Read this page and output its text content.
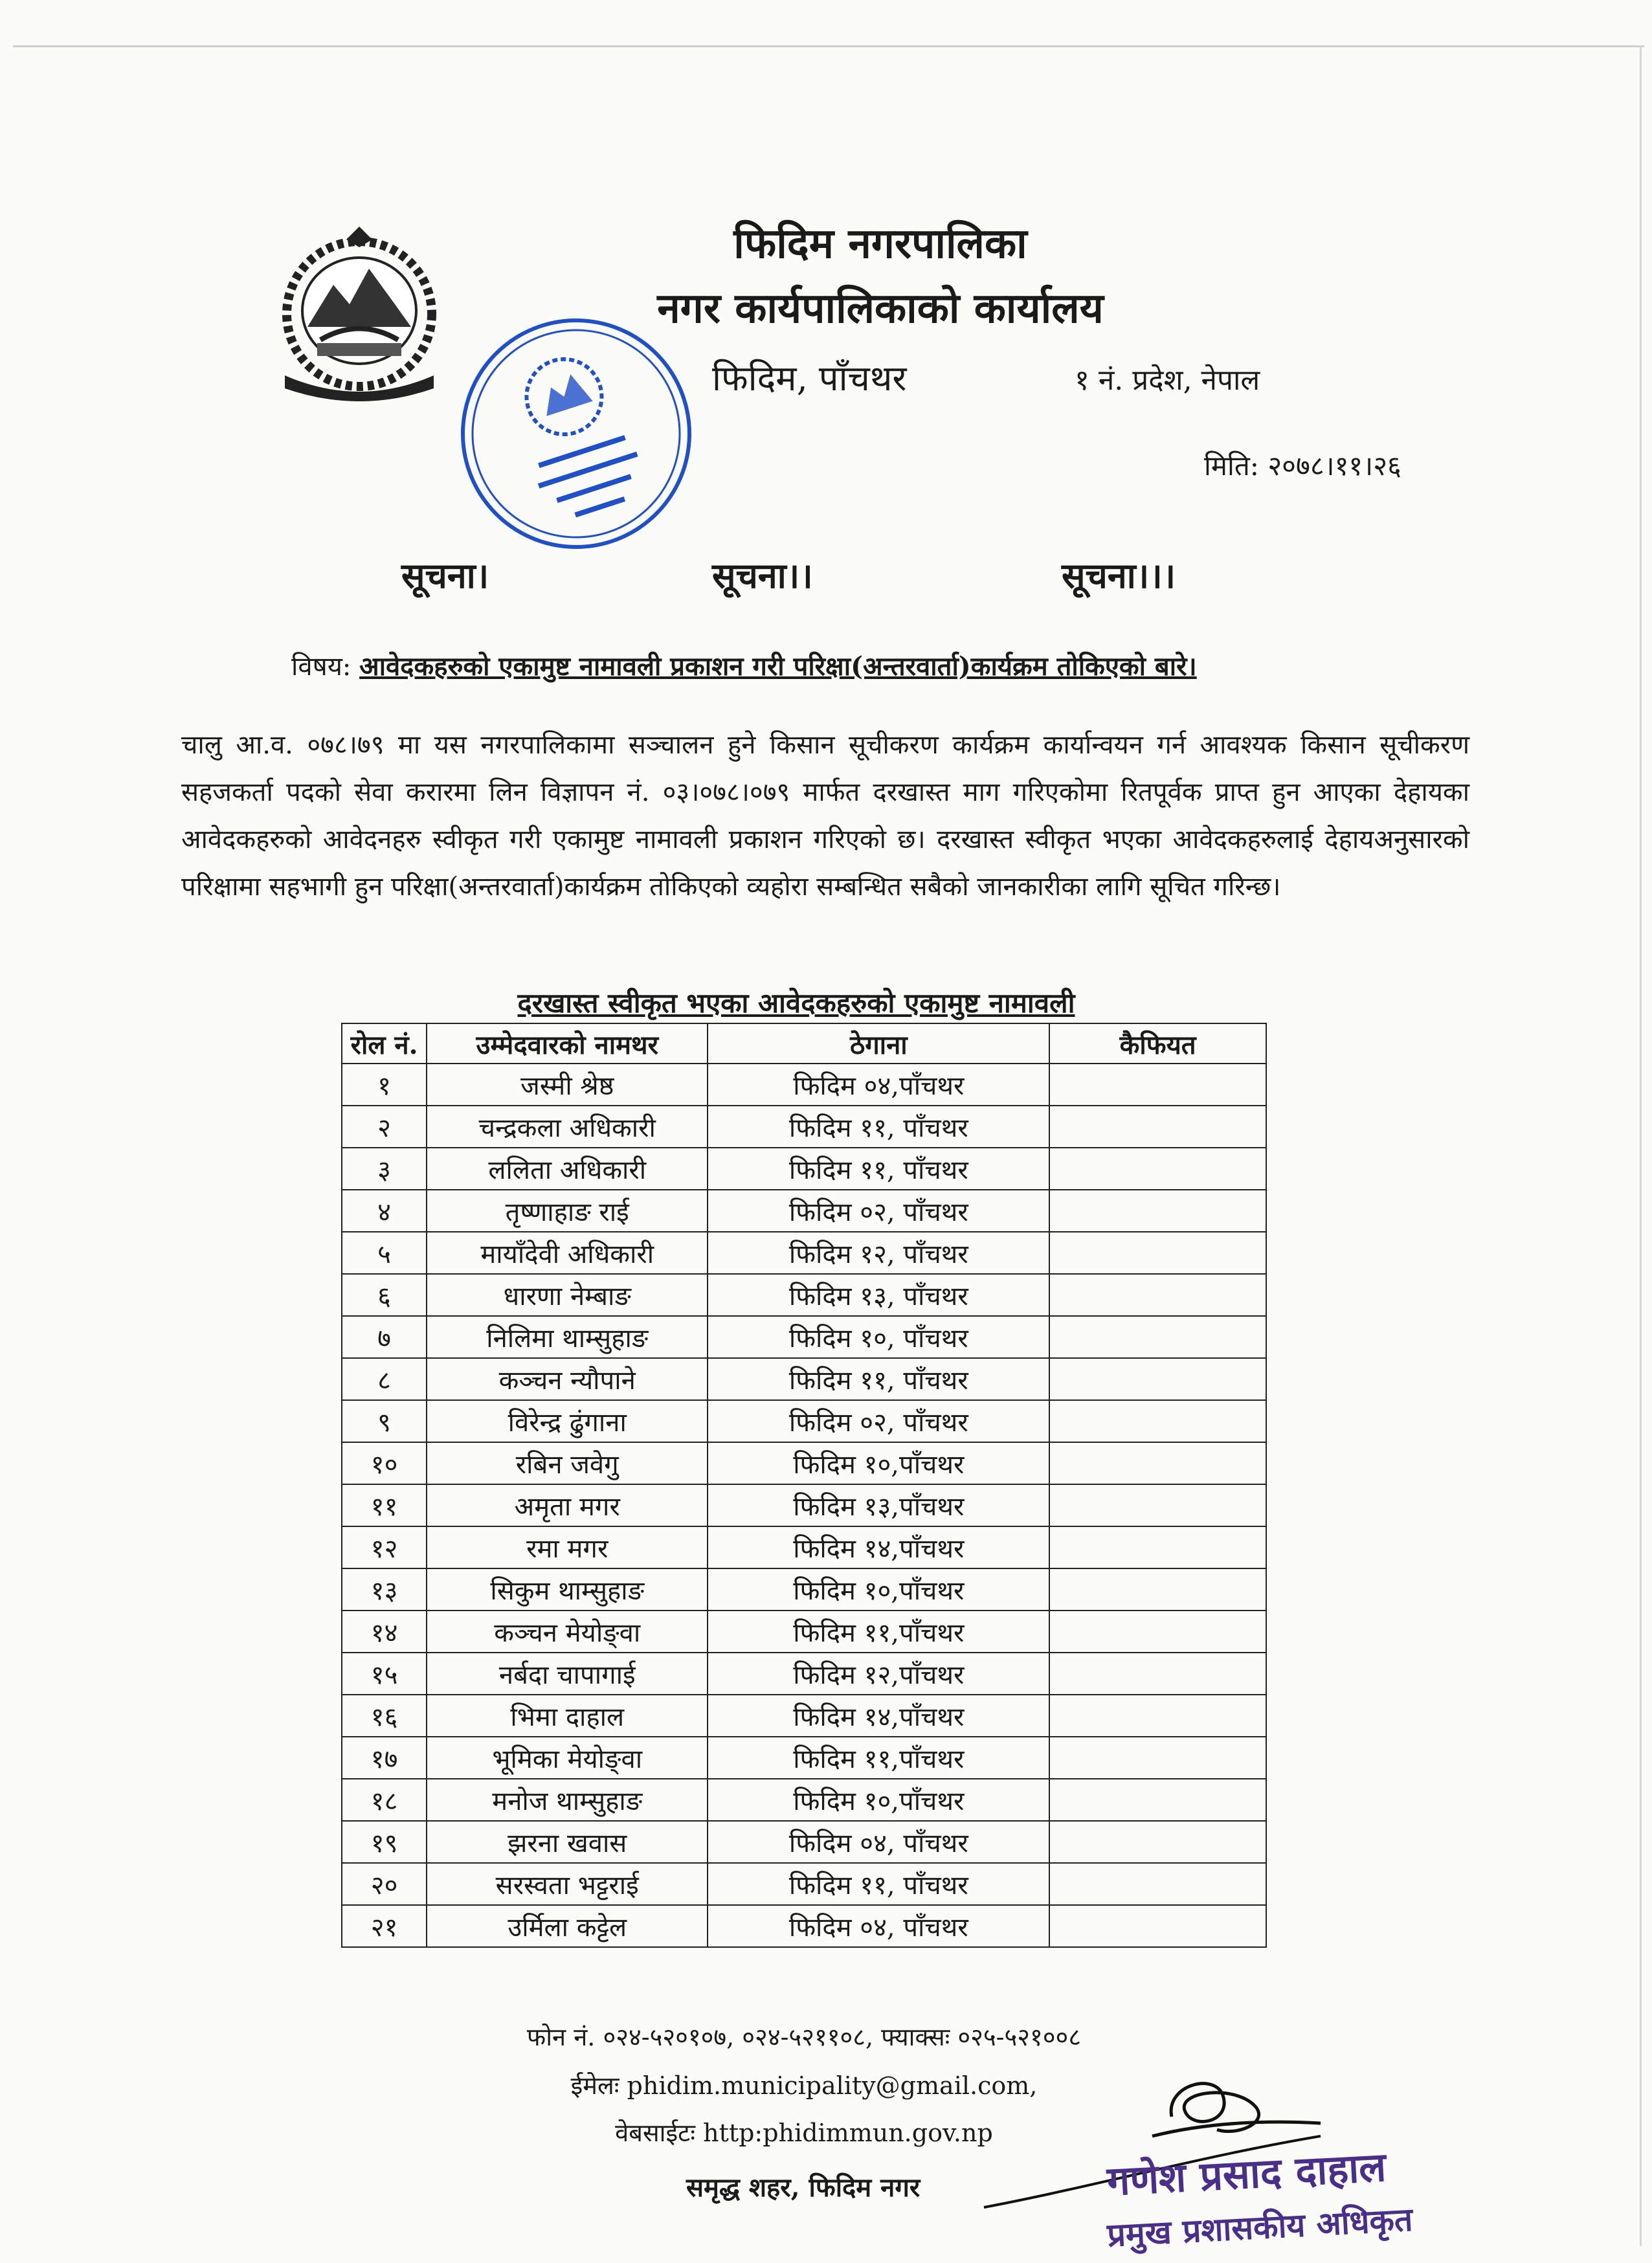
फिदिम नगरपालिका
नगर कार्यपालिकाको कार्यालय
फिदिम, पाँचथर	१ नं. प्रदेश, नेपाल
मिति: २०७८।११।२६
सूचना।	सूचना।।	सूचना।।।
विषय: आवेदकहरुको एकामुष्ट नामावली प्रकाशन गरी परिक्षा(अन्तरवार्ता)कार्यक्रम तोकिएको बारे।
चालु आ.व. ०७८।७९ मा यस नगरपालिकामा सञ्चालन हुने किसान सूचीकरण कार्यक्रम कार्यान्वयन गर्न आवश्यक किसान सूचीकरण सहजकर्ता पदको सेवा करारमा लिन विज्ञापन नं. ०३।०७८।०७९ मार्फत दरखास्त माग गरिएकोमा रितपूर्वक प्राप्त हुन आएका देहायका आवेदकहरुको आवेदनहरु स्वीकृत गरी एकामुष्ट नामावली प्रकाशन गरिएको छ। दरखास्त स्वीकृत भएका आवेदकहरुलाई देहायअनुसारको परिक्षामा सहभागी हुन परिक्षा(अन्तरवार्ता)कार्यक्रम तोकिएको व्यहोरा सम्बन्धित सबैको जानकारीका लागि सूचित गरिन्छ।
दरखास्त स्वीकृत भएका आवेदकहरुको एकामुष्ट नामावली
रोल नं.	उम्मेदवारको नामथर	ठेगाना	कैफियत
१	जस्मी श्रेष्ठ	फिदिम ०४,पाँचथर	
२	चन्द्रकला अधिकारी	फिदिम ११, पाँचथर	
३	ललिता अधिकारी	फिदिम ११, पाँचथर	
४	तृष्णाहाङ राई	फिदिम ०२, पाँचथर	
५	मायाँदेवी अधिकारी	फिदिम १२, पाँचथर	
६	धारणा नेम्बाङ	फिदिम १३, पाँचथर	
७	निलिमा थाम्सुहाङ	फिदिम १०, पाँचथर	
८	कञ्चन न्यौपाने	फिदिम ११, पाँचथर	
९	विरेन्द्र ढुंगाना	फिदिम ०२, पाँचथर	
१०	रबिन जवेगु	फिदिम १०,पाँचथर	
११	अमृता मगर	फिदिम १३,पाँचथर	
१२	रमा मगर	फिदिम १४,पाँचथर	
१३	सिकुम थाम्सुहाङ	फिदिम १०,पाँचथर	
१४	कञ्चन मेयोङ्वा	फिदिम ११,पाँचथर	
१५	नर्बदा चापागाई	फिदिम १२,पाँचथर	
१६	भिमा दाहाल	फिदिम १४,पाँचथर	
१७	भूमिका मेयोङ्वा	फिदिम ११,पाँचथर	
१८	मनोज थाम्सुहाङ	फिदिम १०,पाँचथर	
१९	झरना खवास	फिदिम ०४, पाँचथर	
२०	सरस्वता भट्टराई	फिदिम ११, पाँचथर	
२१	उर्मिला कट्टेल	फिदिम ०४, पाँचथर	
फोन नं. ०२४-५२०१०७, ०२४-५२११०८, फ्याक्सः ०२५-५२१००८
ईमेलः phidim.municipality@gmail.com,
वेबसाईटः http:phidimmun.gov.np
समृद्ध शहर, फिदिम नगर	गणेश प्रसाद दाहाल
प्रमुख प्रशासकीय अधिकृत
